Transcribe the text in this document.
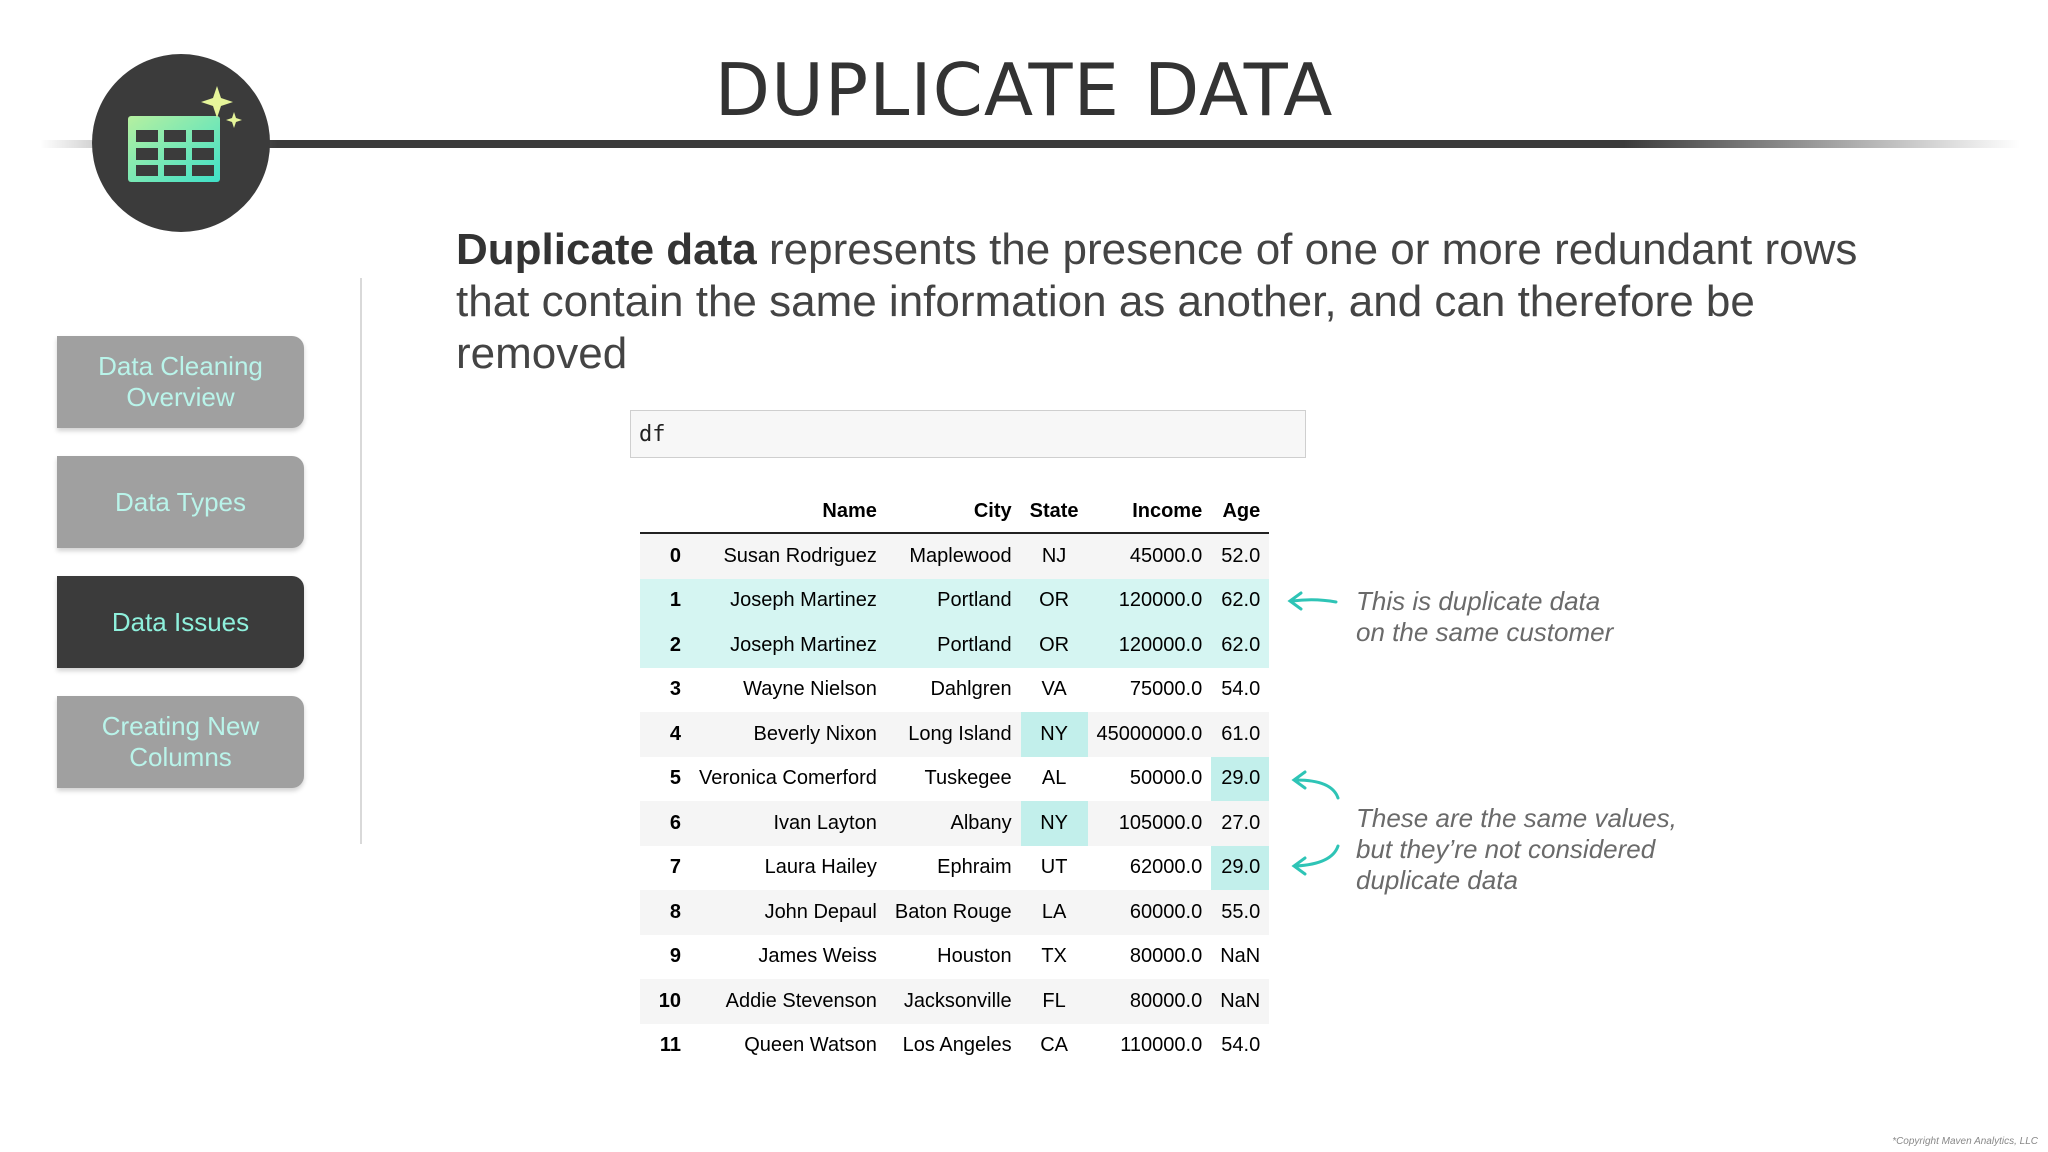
DUPLICATE DATA
Data Cleaning Overview
Data Types
Data Issues
Creating New Columns
Duplicate data represents the presence of one or more redundant rows that contain the same information as another, and can therefore be removed
df
	Name	City	State	Income	Age
0	Susan Rodriguez	Maplewood	NJ	45000.0	52.0
1	Joseph Martinez	Portland	OR	120000.0	62.0
2	Joseph Martinez	Portland	OR	120000.0	62.0
3	Wayne Nielson	Dahlgren	VA	75000.0	54.0
4	Beverly Nixon	Long Island	NY	45000000.0	61.0
5	Veronica Comerford	Tuskegee	AL	50000.0	29.0
6	Ivan Layton	Albany	NY	105000.0	27.0
7	Laura Hailey	Ephraim	UT	62000.0	29.0
8	John Depaul	Baton Rouge	LA	60000.0	55.0
9	James Weiss	Houston	TX	80000.0	NaN
10	Addie Stevenson	Jacksonville	FL	80000.0	NaN
11	Queen Watson	Los Angeles	CA	110000.0	54.0
This is duplicate data
on the same customer
These are the same values,
but they’re not considered
duplicate data
*Copyright Maven Analytics, LLC
